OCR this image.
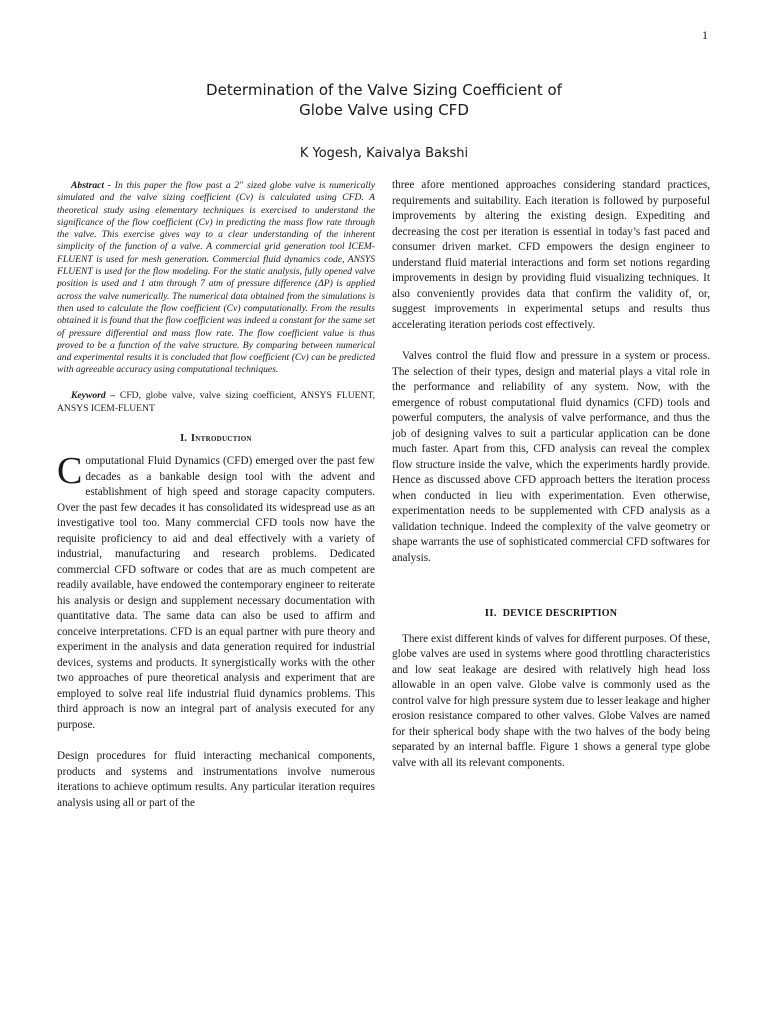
1
Determination of the Valve Sizing Coefficient of
Globe Valve using CFD
K Yogesh, Kaivalya Bakshi

Abstract - In this paper the flow past a 2" sized globe valve is numerically simulated and the valve sizing coefficient (Cv) is calculated using CFD. A theoretical study using elementary techniques is exercised to understand the significance of the flow coefficient (Cv) in predicting the mass flow rate through the valve. This exercise gives way to a clear understanding of the inherent simplicity of the function of a valve. A commercial grid generation tool ICEM-FLUENT is used for mesh generation. Commercial fluid dynamics code, ANSYS FLUENT is used for the flow modeling. For the static analysis, fully opened valve position is used and 1 atm through 7 atm of pressure difference (ΔP) is applied across the valve numerically. The numerical data obtained from the simulations is then used to calculate the flow coefficient (Cv) computationally. From the results obtained it is found that the flow coefficient was indeed a constant for the same set of pressure differential and mass flow rate. The flow coefficient value is thus proved to be a function of the valve structure. By comparing between numerical and experimental results it is concluded that flow coefficient (Cv) can be predicted with agreeable accuracy using computational techniques.

Keyword – CFD, globe valve, valve sizing coefficient, ANSYS FLUENT, ANSYS ICEM-FLUENT

I. Introduction

Computational Fluid Dynamics (CFD) emerged over the past few decades as a bankable design tool with the advent and establishment of high speed and storage capacity computers. Over the past few decades it has consolidated its widespread use as an investigative tool too. Many commercial CFD tools now have the requisite proficiency to aid and deal effectively with a variety of industrial, manufacturing and research problems. Dedicated commercial CFD software or codes that are as much competent are readily available, have endowed the contemporary engineer to reiterate his analysis or design and supplement necessary documentation with quantitative data. The same data can also be used to affirm and conceive interpretations. CFD is an equal partner with pure theory and experiment in the analysis and data generation required for industrial devices, systems and products. It synergistically works with the other two approaches of pure theoretical analysis and experiment that are employed to solve real life industrial fluid dynamics problems. This third approach is now an integral part of analysis executed for any purpose.

Design procedures for fluid interacting mechanical components, products and systems and instrumentations involve numerous iterations to achieve optimum results. Any particular iteration requires analysis using all or part of the

three afore mentioned approaches considering standard practices, requirements and suitability. Each iteration is followed by purposeful improvements by altering the existing design. Expediting and decreasing the cost per iteration is essential in today’s fast paced and consumer driven market. CFD empowers the design engineer to understand fluid material interactions and form set notions regarding improvements in design by providing fluid visualizing techniques. It also conveniently provides data that confirm the validity of, or, suggest improvements in experimental setups and results thus accelerating iteration periods cost effectively.

Valves control the fluid flow and pressure in a system or process. The selection of their types, design and material plays a vital role in the performance and reliability of any system. Now, with the emergence of robust computational fluid dynamics (CFD) tools and powerful computers, the analysis of valve performance, and thus the job of designing valves to suit a particular application can be done much faster. Apart from this, CFD analysis can reveal the complex flow structure inside the valve, which the experiments hardly provide. Hence as discussed above CFD approach betters the iteration process when conducted in lieu with experimentation. Even otherwise, experimentation needs to be supplemented with CFD analysis as a validation technique. Indeed the complexity of the valve geometry or shape warrants the use of sophisticated commercial CFD softwares for analysis.

II. DEVICE DESCRIPTION

There exist different kinds of valves for different purposes. Of these, globe valves are used in systems where good throttling characteristics and low seat leakage are desired with relatively high head loss allowable in an open valve. Globe valve is commonly used as the control valve for high pressure system due to lesser leakage and higher erosion resistance compared to other valves. Globe Valves are named for their spherical body shape with the two halves of the body being separated by an internal baffle. Figure 1 shows a general type globe valve with all its relevant components.
